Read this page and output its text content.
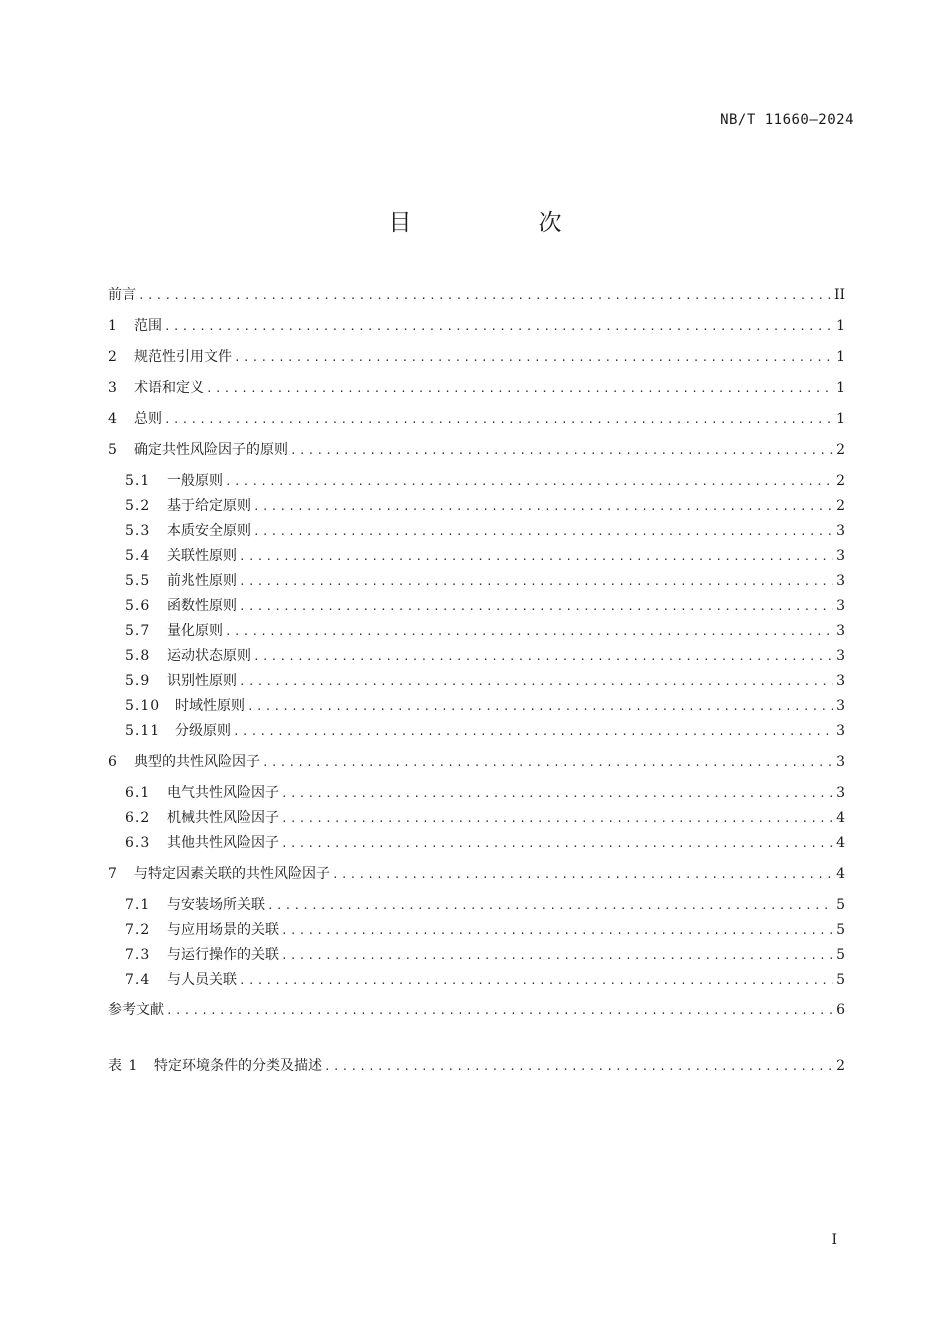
NB/T 11660—2024
目　次
前言 .....	II
1	范围 .....	1
2	规范性引用文件 .....	1
3	术语和定义 .....	1
4	总则 .....	1
5	确定共性风险因子的原则 .....	2
5.1	一般原则 .....	2
5.2	基于给定原则 .....	2
5.3	本质安全原则 .....	3
5.4	关联性原则 .....	3
5.5	前兆性原则 .....	3
5.6	函数性原则 .....	3
5.7	量化原则 .....	3
5.8	运动状态原则 .....	3
5.9	识别性原则 .....	3
5.10	时域性原则 .....	3
5.11	分级原则 .....	3
6	典型的共性风险因子 .....	3
6.1	电气共性风险因子 .....	3
6.2	机械共性风险因子 .....	4
6.3	其他共性风险因子 .....	4
7	与特定因素关联的共性风险因子 .....	4
7.1	与安装场所关联 .....	5
7.2	与应用场景的关联 .....	5
7.3	与运行操作的关联 .....	5
7.4	与人员关联 .....	5
参考文献 .....	6
表 1	特定环境条件的分类及描述 .....	2
I
